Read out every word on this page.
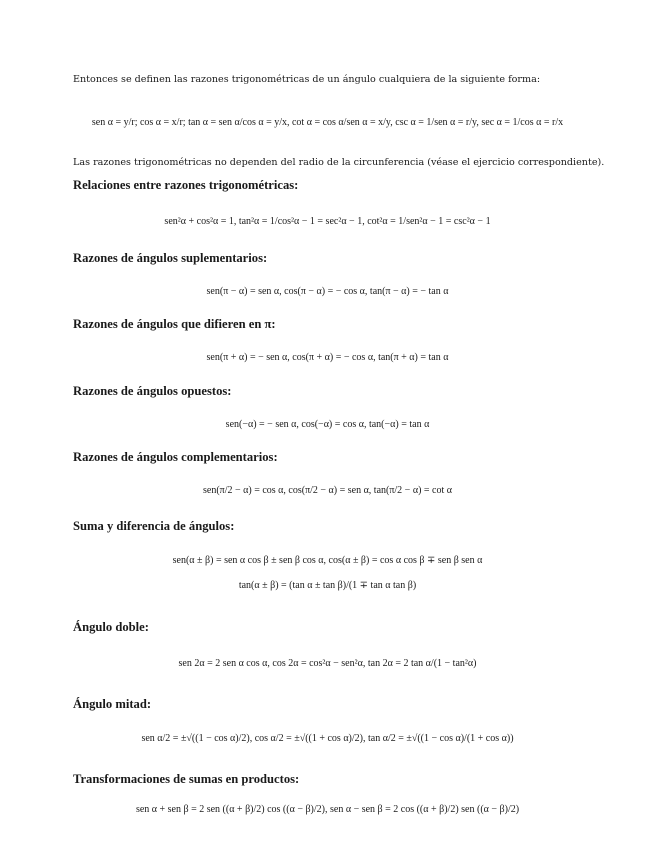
Entonces se definen las razones trigonométricas de un ángulo cualquiera de la siguiente forma:
sen α = y/r; cos α = x/r; tan α = sen α/cos α = y/x, cot α = cos α/sen α = x/y, csc α = 1/sen α = r/y, sec α = 1/cos α = r/x
Las razones trigonométricas no dependen del radio de la circunferencia (véase el ejercicio correspondiente).
Relaciones entre razones trigonométricas:
sen²α + cos²α = 1, tan²α = 1/cos²α − 1 = sec²α − 1, cot²α = 1/sen²α − 1 = csc²α − 1
Razones de ángulos suplementarios:
sen(π − α) = sen α, cos(π − α) = − cos α, tan(π − α) = − tan α
Razones de ángulos que difieren en π:
sen(π + α) = − sen α, cos(π + α) = − cos α, tan(π + α) = tan α
Razones de ángulos opuestos:
sen(−α) = − sen α, cos(−α) = cos α, tan(−α) = tan α
Razones de ángulos complementarios:
sen(π/2 − α) = cos α, cos(π/2 − α) = sen α, tan(π/2 − α) = cot α
Suma y diferencia de ángulos:
sen(α ± β) = sen α cos β ± sen β cos α, cos(α ± β) = cos α cos β ∓ sen β sen α
tan(α ± β) = (tan α ± tan β)/(1 ∓ tan α tan β)
Ángulo doble:
sen 2α = 2 sen α cos α, cos 2α = cos²α − sen²α, tan 2α = 2 tan α/(1 − tan²α)
Ángulo mitad:
sen α/2 = ±√((1 − cos α)/2), cos α/2 = ±√((1 + cos α)/2), tan α/2 = ±√((1 − cos α)/(1 + cos α))
Transformaciones de sumas en productos:
sen α + sen β = 2 sen ((α + β)/2) cos ((α − β)/2), sen α − sen β = 2 cos ((α + β)/2) sen ((α − β)/2)
